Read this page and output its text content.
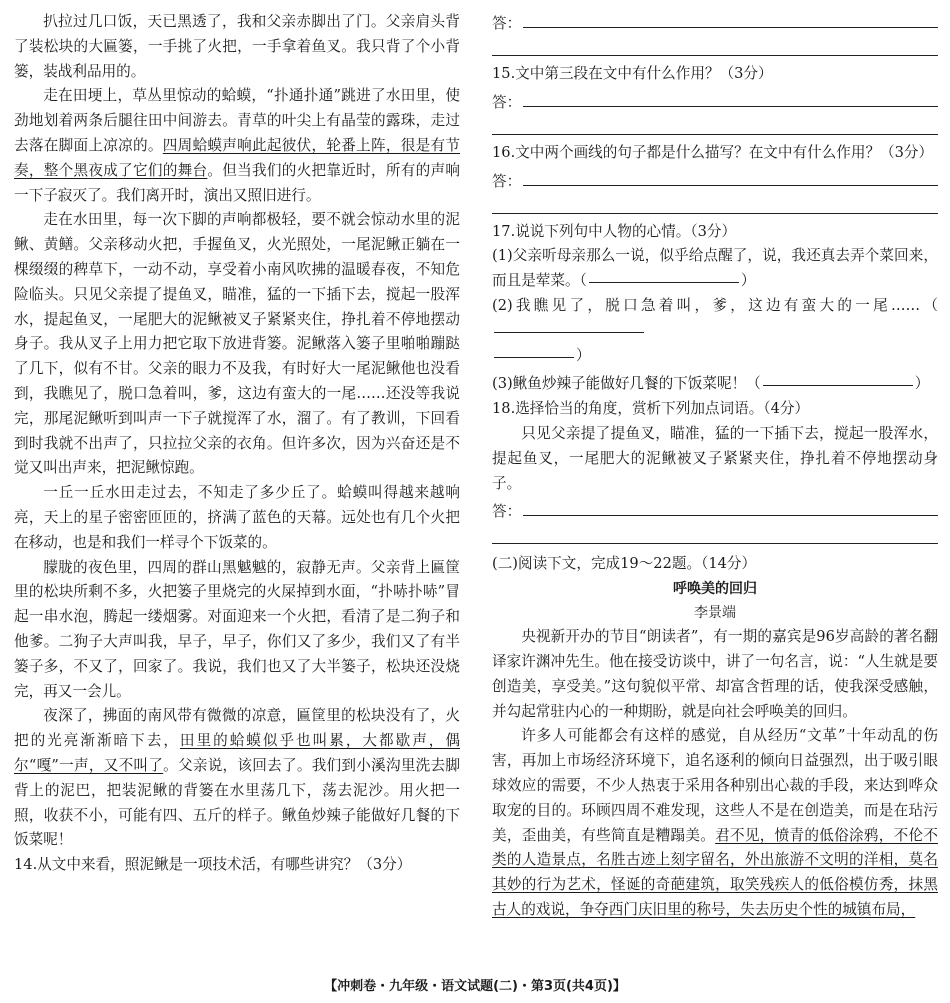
扒拉过几口饭，天已黑透了，我和父亲赤脚出了门。父亲肩头背了装松块的大匾篓，一手挑了火把，一手拿着鱼叉。我只背了个小背篓，装战利品用的。

走在田埂上，草丛里惊动的蛤蟆，“扑通扑通”跳进了水田里，使劲地划着两条后腿往田中间游去。青草的叶尖上有晶莹的露珠，走过去落在脚面上凉凉的。四周蛤蟆声响此起彼伏，轮番上阵，很是有节奏，整个黑夜成了它们的舞台。但当我们的火把靠近时，所有的声响一下子寂灭了。我们离开时，演出又照旧进行。

走在水田里，每一次下脚的声响都极轻，要不就会惊动水里的泥鳅、黄鳝。父亲移动火把，手握鱼叉，火光照处，一尾泥鳅正躺在一棵缀缀的稗草下，一动不动，享受着小南风吹拂的温暖春夜，不知危险临头。只见父亲提了提鱼叉，瞄准，猛的一下插下去，搅起一股浑水，提起鱼叉，一尾肥大的泥鳅被叉子紧紧夹住，挣扎着不停地摆动身子。我从叉子上用力把它取下放进背篓。泥鳅落入篓子里啪啪蹦跶了几下，似有不甘。父亲的眼力不及我，有时好大一尾泥鳅他也没看到，我瞧见了，脱口急着叫，爹，这边有蛮大的一尾……还没等我说完，那尾泥鳅听到叫声一下子就搅浑了水，溜了。有了教训，下回看到时我就不出声了，只拉拉父亲的衣角。但许多次，因为兴奋还是不觉又叫出声来，把泥鳅惊跑。

一丘一丘水田走过去，不知走了多少丘了。蛤蟆叫得越来越响亮，天上的星子密密匝匝的，挤满了蓝色的天幕。远处也有几个火把在移动，也是和我们一样寻个下饭菜的。

朦胧的夜色里，四周的群山黑魆魆的，寂静无声。父亲背上匾筐里的松块所剩不多，火把篓子里烧完的火屎掉到水面，“扑哧扑哧”冒起一串水泡，腾起一缕烟雾。对面迎来一个火把，看清了是二狗子和他爹。二狗子大声叫我，早子，早子，你们又了多少，我们又了有半篓子多，不又了，回家了。我说，我们也又了大半篓子，松块还没烧完，再又一会儿。

夜深了，拂面的南风带有微微的凉意，匾筐里的松块没有了，火把的光亮渐渐暗下去，田里的蛤蟆似乎也叫累，大都歇声，偶尔“嘎”一声，又不叫了。父亲说，该回去了。我们到小溪沟里洗去脚背上的泥巴，把装泥鳅的背篓在水里荡几下，荡去泥沙。用火把一照，收获不小，可能有四、五斤的样子。鳅鱼炒辣子能做好几餐的下饭菜呢！

14.从文中来看，照泥鳅是一项技术活，有哪些讲究？（3分）

答：

15.文中第三段在文中有什么作用？（3分）

答：

16.文中两个画线的句子都是什么描写？在文中有什么作用？（3分）

答：

17.说说下列句中人物的心情。（3分）

(1)父亲听母亲那么一说，似乎给点醒了，说，我还真去弄个菜回来，而且是荤菜。（	）

(2)我瞧见了，脱口急着叫，爹，这边有蛮大的一尾……（
）

(3)鳅鱼炒辣子能做好几餐的下饭菜呢！（	）

18.选择恰当的角度，赏析下列加点词语。（4分）

只见父亲提了提鱼叉，瞄准，猛的一下插下去，搅起一股浑水，提起鱼叉，一尾肥大的泥鳅被叉子紧紧夹住，挣扎着不停地摆动身子。

答：

(二)阅读下文，完成19～22题。（14分）

呼唤美的回归

李景端

央视新开办的节目“朗读者”，有一期的嘉宾是96岁高龄的著名翻译家许渊冲先生。他在接受访谈中，讲了一句名言，说：“人生就是要创造美，享受美。”这句貌似平常、却富含哲理的话，使我深受感触，并勾起常驻内心的一种期盼，就是向社会呼唤美的回归。

许多人可能都会有这样的感觉，自从经历“文革”十年动乱的伤害，再加上市场经济环境下，追名逐利的倾向日益强烈，出于吸引眼球效应的需要，不少人热衷于采用各种别出心裁的手段，来达到哗众取宠的目的。环顾四周不难发现，这些人不是在创造美，而是在玷污美，歪曲美，有些简直是糟蹋美。君不见，愤青的低俗涂鸦，不伦不类的人造景点，名胜古迹上刻字留名，外出旅游不文明的洋相，莫名其妙的行为艺术，怪诞的奇葩建筑，取笑残疾人的低俗模仿秀，抹黑古人的戏说，争夺西门庆旧里的称号，失去历史个性的城镇布局，

【冲刺卷・九年级・语文试题(二)・第3页(共4页)】
